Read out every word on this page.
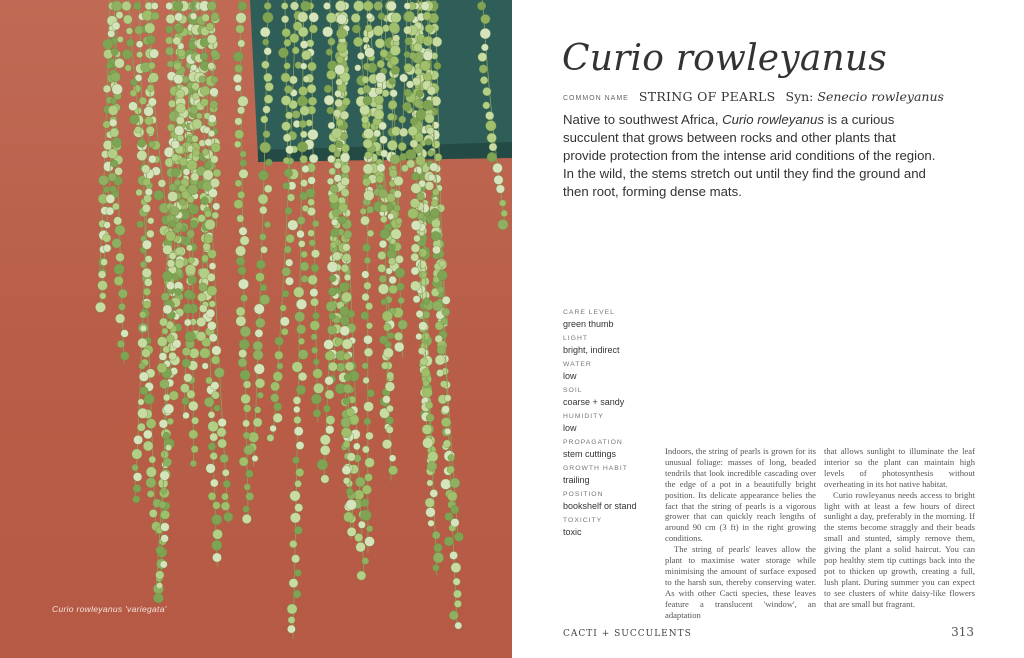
Curio rowleyanus 'variegata'
Curio rowleyanus
COMMON NAME STRING OF PEARLS Syn: Senecio rowleyanus
Native to southwest Africa, Curio rowleyanus is a curious succulent that grows between rocks and other plants that provide protection from the intense arid conditions of the region. In the wild, the stems stretch out until they find the ground and then root, forming dense mats.
CARE LEVEL
green thumb
LIGHT
bright, indirect
WATER
low
SOIL
coarse + sandy
HUMIDITY
low
PROPAGATION
stem cuttings
GROWTH HABIT
trailing
POSITION
bookshelf or stand
TOXICITY
toxic

Indoors, the string of pearls is grown for its unusual foliage: masses of long, beaded tendrils that look incredible cascading over the edge of a pot in a beautifully bright position. Its delicate appearance belies the fact that the string of pearls is a vigorous grower that can quickly reach lengths of around 90 cm (3 ft) in the right growing conditions.

The string of pearls' leaves allow the plant to maximise water storage while minimising the amount of surface exposed to the harsh sun, thereby conserving water. As with other Cacti species, these leaves feature a translucent 'window', an adaptation

that allows sunlight to illuminate the leaf interior so the plant can maintain high levels of photosynthesis without overheating in its hot native habitat.

Curio rowleyanus needs access to bright light with at least a few hours of direct sunlight a day, preferably in the morning. If the stems become straggly and their beads small and stunted, simply remove them, giving the plant a solid haircut. You can pop healthy stem tip cuttings back into the pot to thicken up growth, creating a full, lush plant. During summer you can expect to see clusters of white daisy-like flowers that are small but fragrant.

CACTI + SUCCULENTS	313
